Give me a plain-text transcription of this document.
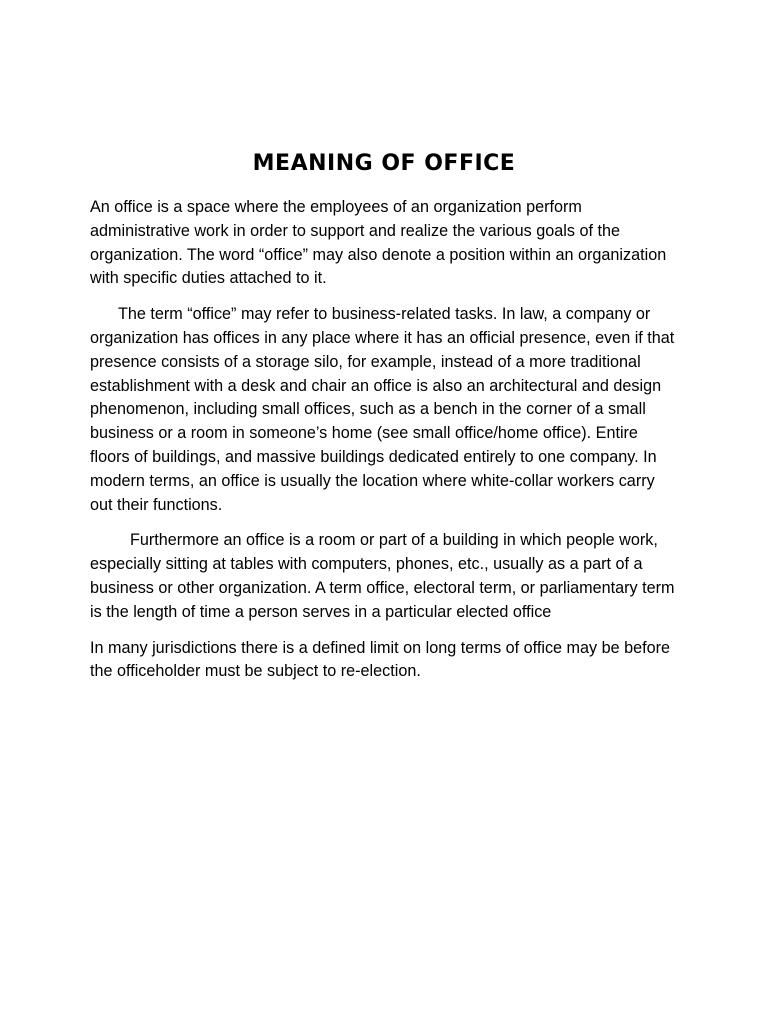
MEANING OF OFFICE

An office is a space where the employees of an organization perform administrative work in order to support and realize the various goals of the organization. The word “office” may also denote a position within an organization with specific duties attached to it.

The term “office” may refer to business-related tasks. In law, a company or organization has offices in any place where it has an official presence, even if that presence consists of a storage silo, for example, instead of a more traditional establishment with a desk and chair an office is also an architectural and design phenomenon, including small offices, such as a bench in the corner of a small business or a room in someone’s home (see small office/home office). Entire floors of buildings, and massive buildings dedicated entirely to one company. In modern terms, an office is usually the location where white-collar workers carry out their functions.

Furthermore an office is a room or part of a building in which people work, especially sitting at tables with computers, phones, etc., usually as a part of a business or other organization. A term office, electoral term, or parliamentary term is the length of time a person serves in a particular elected office

In many jurisdictions there is a defined limit on long terms of office may be before the officeholder must be subject to re-election.
